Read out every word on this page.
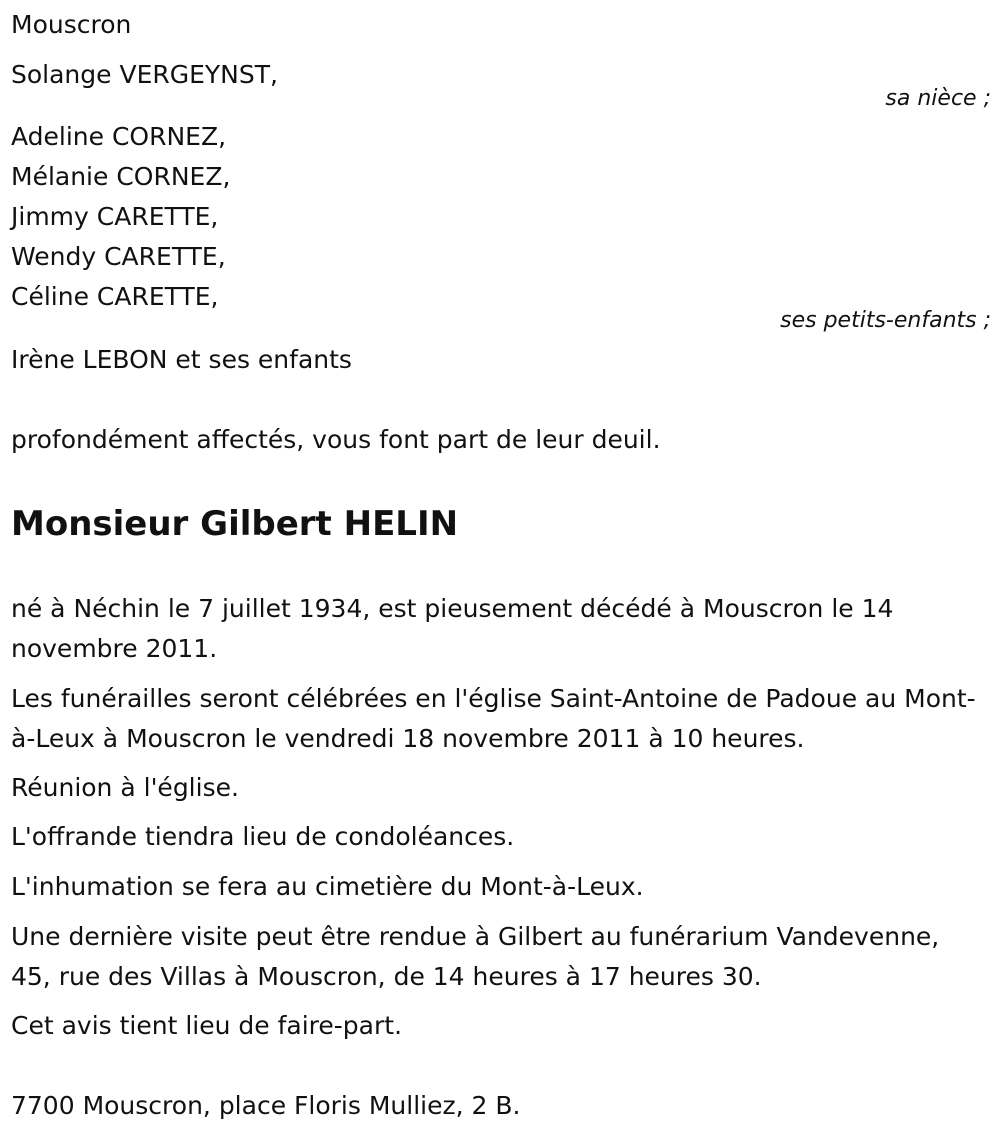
Mouscron
Solange VERGEYNST,
sa nièce ;
Adeline CORNEZ,
Mélanie CORNEZ,
Jimmy CARETTE,
Wendy CARETTE,
Céline CARETTE,
ses petits-enfants ;
Irène LEBON et ses enfants
profondément affectés, vous font part de leur deuil.
Monsieur Gilbert HELIN
né à Néchin le 7 juillet 1934, est pieusement décédé à Mouscron le 14 novembre 2011.
Les funérailles seront célébrées en l'église Saint-Antoine de Padoue au Mont-à-Leux à Mouscron le vendredi 18 novembre 2011 à 10 heures.
Réunion à l'église.
L'offrande tiendra lieu de condoléances.
L'inhumation se fera au cimetière du Mont-à-Leux.
Une dernière visite peut être rendue à Gilbert au funérarium Vandevenne, 45, rue des Villas à Mouscron, de 14 heures à 17 heures 30.
Cet avis tient lieu de faire-part.
7700 Mouscron, place Floris Mulliez, 2 B.
